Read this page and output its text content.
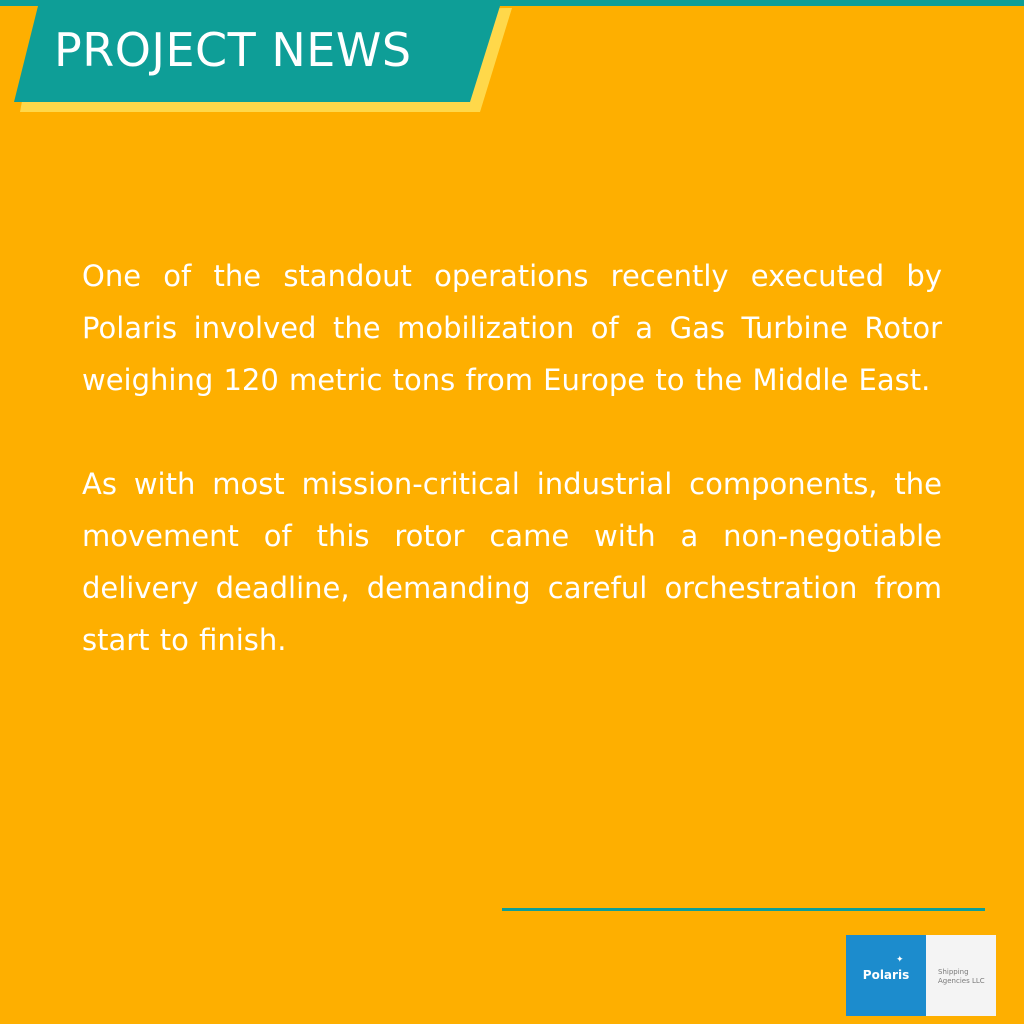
PROJECT NEWS

One of the standout operations recently executed by Polaris involved the mobilization of a Gas Turbine Rotor weighing 120 metric tons from Europe to the Middle East.

As with most mission-critical industrial components, the movement of this rotor came with a non-negotiable delivery deadline, demanding careful orchestration from start to finish.

✦
Polaris	Shipping
Agencies LLC
